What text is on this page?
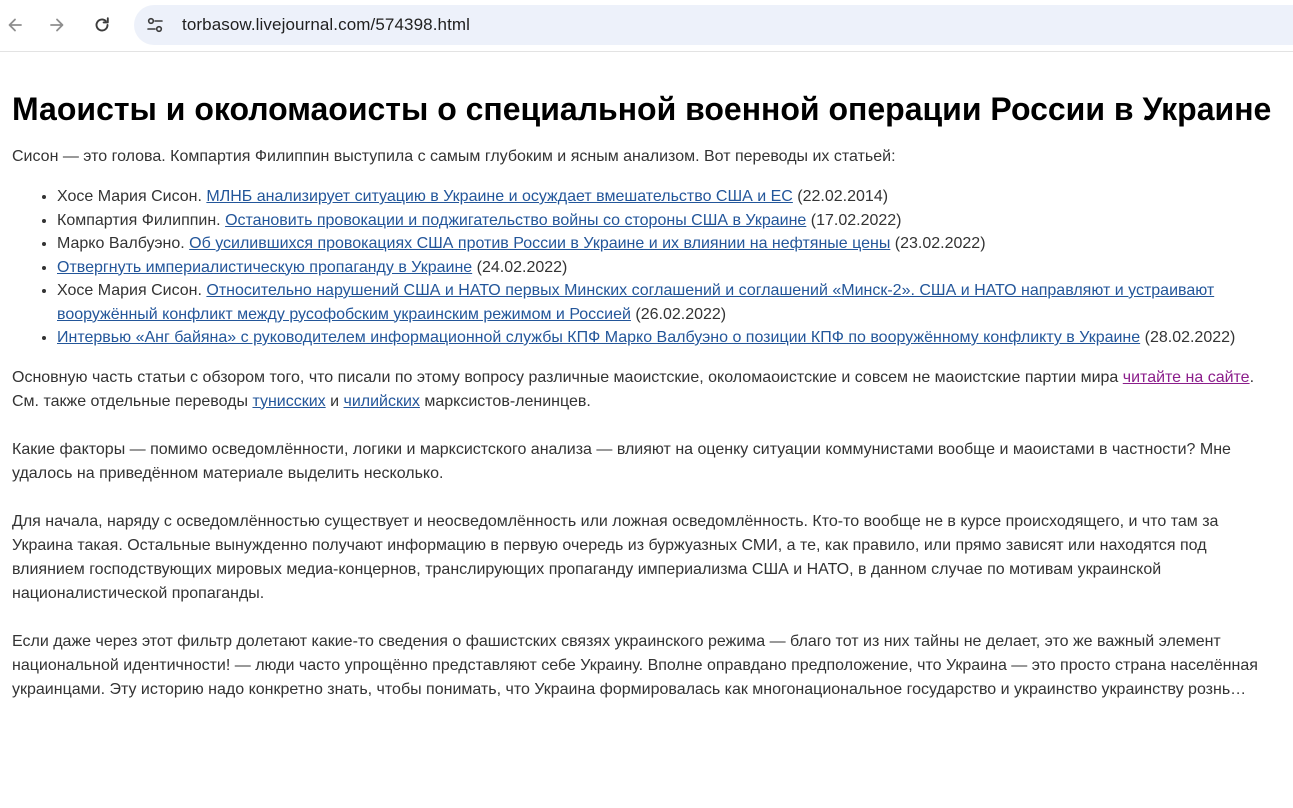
torbasow.livejournal.com/574398.html
Маоисты и околомаоисты о специальной военной операции России в Украине

Сисон — это голова. Компартия Филиппин выступила с самым глубоким и ясным анализом. Вот переводы их статьей:

• Хосе Мария Сисон. МЛНБ анализирует ситуацию в Украине и осуждает вмешательство США и ЕС (22.02.2014)
• Компартия Филиппин. Остановить провокации и поджигательство войны со стороны США в Украине (17.02.2022)
• Марко Валбуэно. Об усилившихся провокациях США против России в Украине и их влиянии на нефтяные цены (23.02.2022)
• Отвергнуть империалистическую пропаганду в Украине (24.02.2022)
• Хосе Мария Сисон. Относительно нарушений США и НАТО первых Минских соглашений и соглашений «Минск-2». США и НАТО направляют и устраивают вооружённый конфликт между русофобским украинским режимом и Россией (26.02.2022)
• Интервью «Анг байяна» с руководителем информационной службы КПФ Марко Валбуэно о позиции КПФ по вооружённому конфликту в Украине (28.02.2022)

Основную часть статьи с обзором того, что писали по этому вопросу различные маоистские, околомаоистские и совсем не маоистские партии мира читайте на сайте. См. также отдельные переводы тунисских и чилийских марксистов-ленинцев.

Какие факторы — помимо осведомлённости, логики и марксистского анализа — влияют на оценку ситуации коммунистами вообще и маоистами в частности? Мне удалось на приведённом материале выделить несколько.

Для начала, наряду с осведомлённостью существует и неосведомлённость или ложная осведомлённость. Кто-то вообще не в курсе происходящего, и что там за Украина такая. Остальные вынужденно получают информацию в первую очередь из буржуазных СМИ, а те, как правило, или прямо зависят или находятся под влиянием господствующих мировых медиа-концернов, транслирующих пропаганду империализма США и НАТО, в данном случае по мотивам украинской националистической пропаганды.

Если даже через этот фильтр долетают какие-то сведения о фашистских связях украинского режима — благо тот из них тайны не делает, это же важный элемент национальной идентичности! — люди часто упрощённо представляют себе Украину. Вполне оправдано предположение, что Украина — это просто страна населённая украинцами. Эту историю надо конкретно знать, чтобы понимать, что Украина формировалась как многонациональное государство и украинство украинству рознь…
